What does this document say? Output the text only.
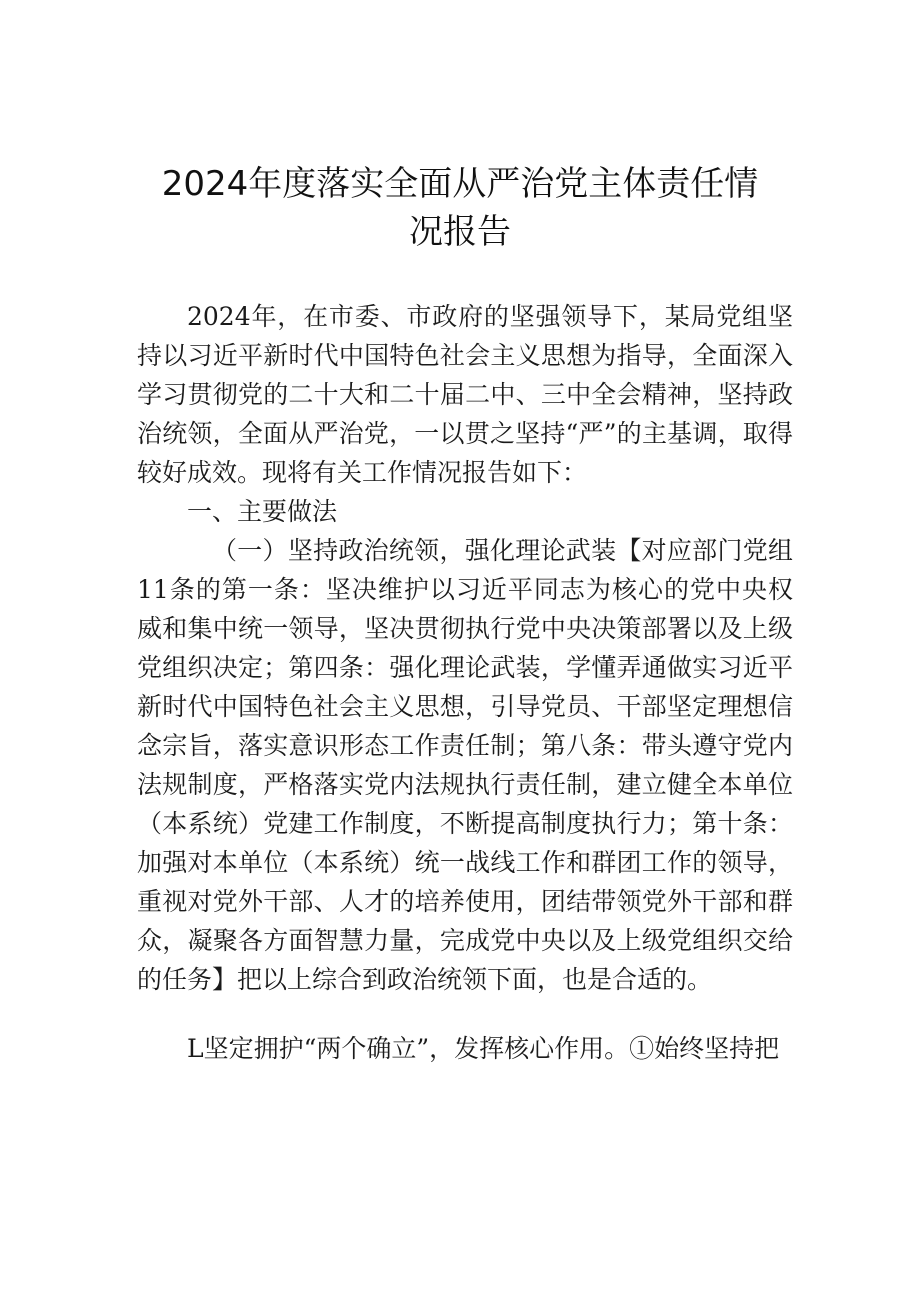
2024年度落实全面从严治党主体责任情
况报告

2024年，在市委、市政府的坚强领导下，某局党组坚持以习近平新时代中国特色社会主义思想为指导，全面深入学习贯彻党的二十大和二十届二中、三中全会精神，坚持政治统领，全面从严治党，一以贯之坚持“严”的主基调，取得较好成效。现将有关工作情况报告如下：

一、主要做法

（一）坚持政治统领，强化理论武装【对应部门党组11条的第一条：坚决维护以习近平同志为核心的党中央权威和集中统一领导，坚决贯彻执行党中央决策部署以及上级党组织决定；第四条：强化理论武装，学懂弄通做实习近平新时代中国特色社会主义思想，引导党员、干部坚定理想信念宗旨，落实意识形态工作责任制；第八条：带头遵守党内法规制度，严格落实党内法规执行责任制，建立健全本单位（本系统）党建工作制度，不断提高制度执行力；第十条：加强对本单位（本系统）统一战线工作和群团工作的领导，重视对党外干部、人才的培养使用，团结带领党外干部和群众，凝聚各方面智慧力量，完成党中央以及上级党组织交给的任务】把以上综合到政治统领下面，也是合适的。

L坚定拥护“两个确立”，发挥核心作用。①始终坚持把
